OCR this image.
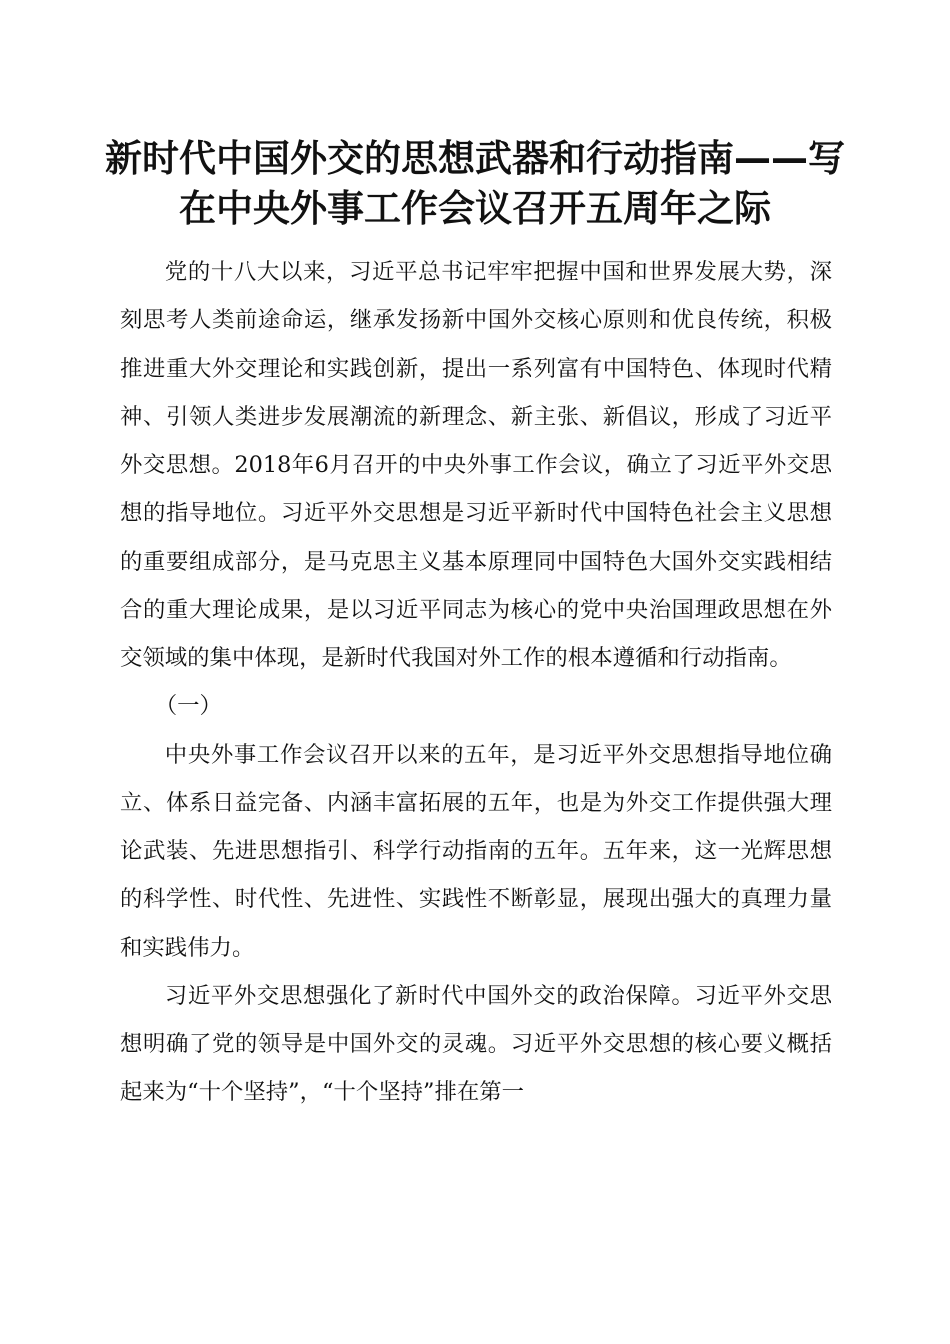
新时代中国外交的思想武器和行动指南——写
在中央外事工作会议召开五周年之际

党的十八大以来，习近平总书记牢牢把握中国和世界发展大势，深刻思考人类前途命运，继承发扬新中国外交核心原则和优良传统，积极推进重大外交理论和实践创新，提出一系列富有中国特色、体现时代精神、引领人类进步发展潮流的新理念、新主张、新倡议，形成了习近平外交思想。2018年6月召开的中央外事工作会议，确立了习近平外交思想的指导地位。习近平外交思想是习近平新时代中国特色社会主义思想的重要组成部分，是马克思主义基本原理同中国特色大国外交实践相结合的重大理论成果，是以习近平同志为核心的党中央治国理政思想在外交领域的集中体现，是新时代我国对外工作的根本遵循和行动指南。

（一）

中央外事工作会议召开以来的五年，是习近平外交思想指导地位确立、体系日益完备、内涵丰富拓展的五年，也是为外交工作提供强大理论武装、先进思想指引、科学行动指南的五年。五年来，这一光辉思想的科学性、时代性、先进性、实践性不断彰显，展现出强大的真理力量和实践伟力。

习近平外交思想强化了新时代中国外交的政治保障。习近平外交思想明确了党的领导是中国外交的灵魂。习近平外交思想的核心要义概括起来为“十个坚持”，“十个坚持”排在第一
